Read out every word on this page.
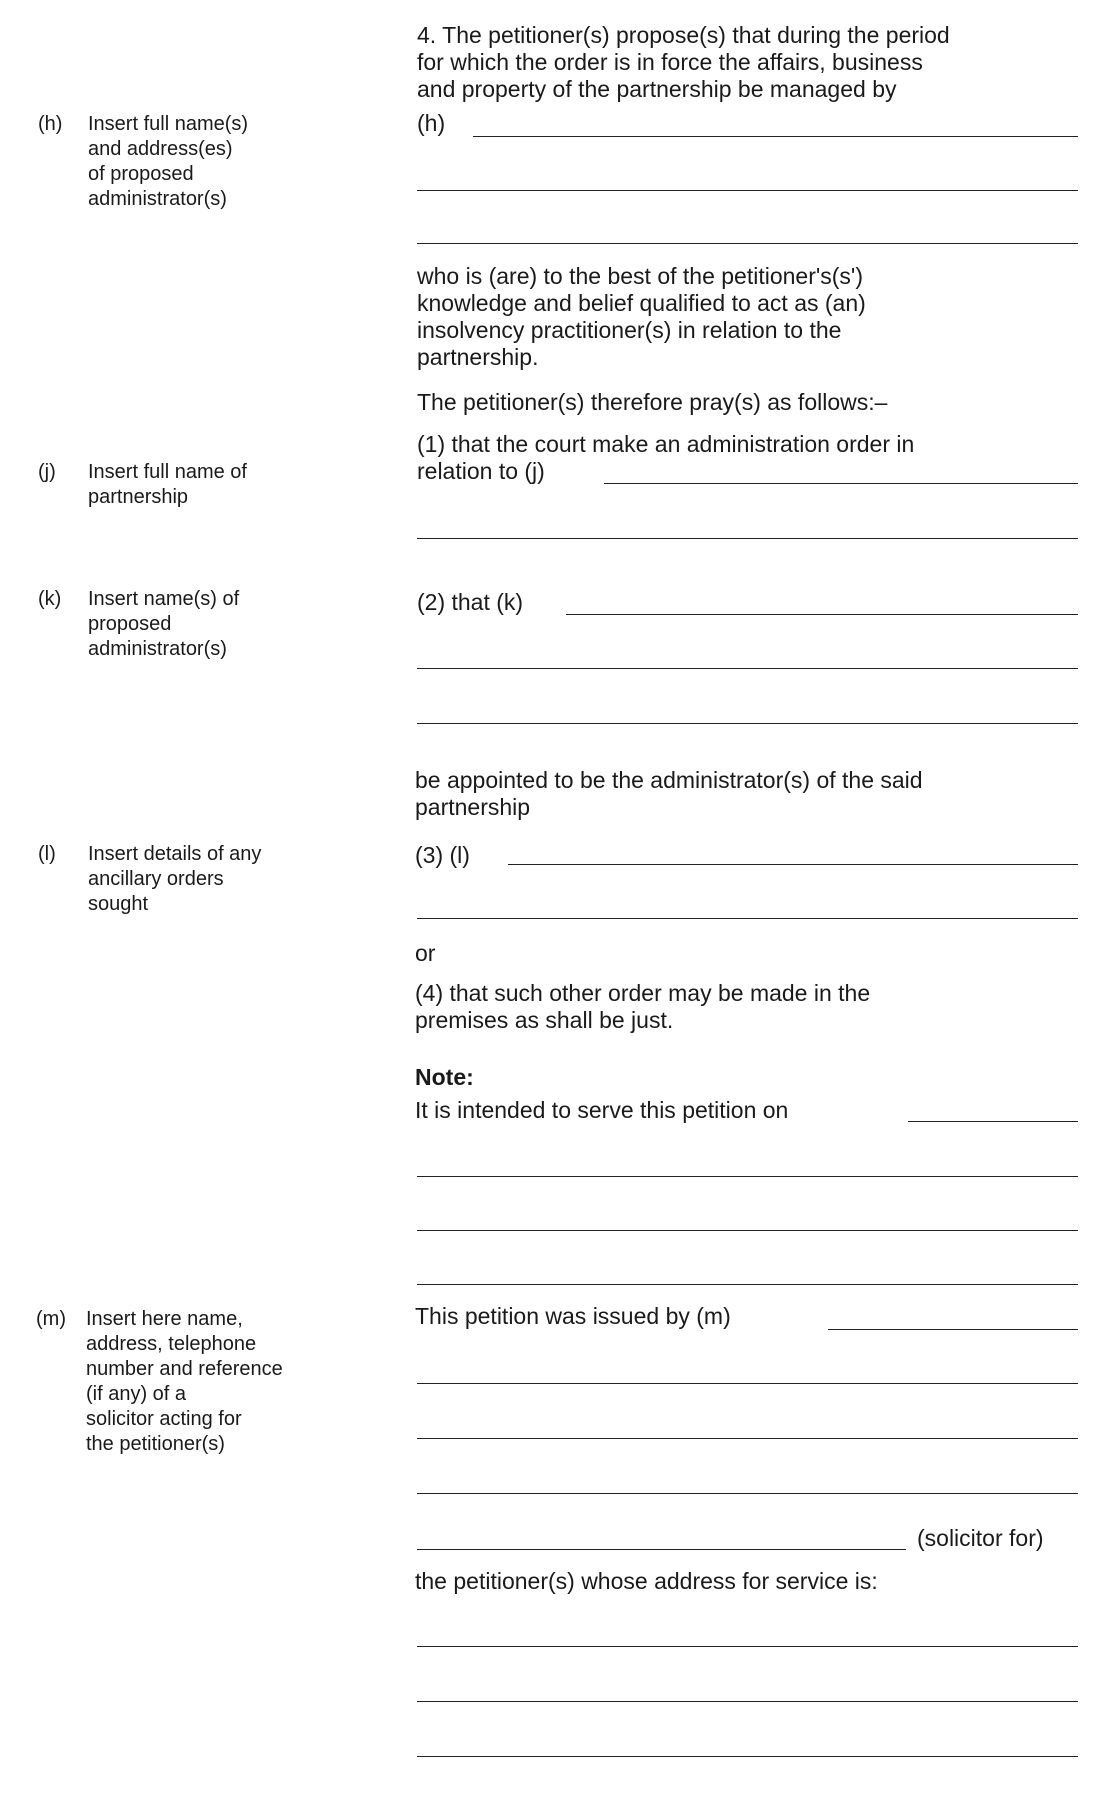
(h) Insert full name(s)
and address(es)
of proposed
administrator(s)
(j) Insert full name of
partnership
(k) Insert name(s) of
proposed
administrator(s)
(l) Insert details of any
ancillary orders
sought
(m) Insert here name,
address, telephone
number and reference
(if any) of a
solicitor acting for
the petitioner(s)
4. The petitioner(s) propose(s) that during the period
for which the order is in force the affairs, business
and property of the partnership be managed by
(h)
who is (are) to the best of the petitioner's(s')
knowledge and belief qualified to act as (an)
insolvency practitioner(s) in relation to the
partnership.
The petitioner(s) therefore pray(s) as follows:–
(1) that the court make an administration order in
relation to (j)
(2) that (k)
be appointed to be the administrator(s) of the said
partnership
(3) (l)
or
(4) that such other order may be made in the
premises as shall be just.
Note:
It is intended to serve this petition on
This petition was issued by (m)
(solicitor for)
the petitioner(s) whose address for service is:
